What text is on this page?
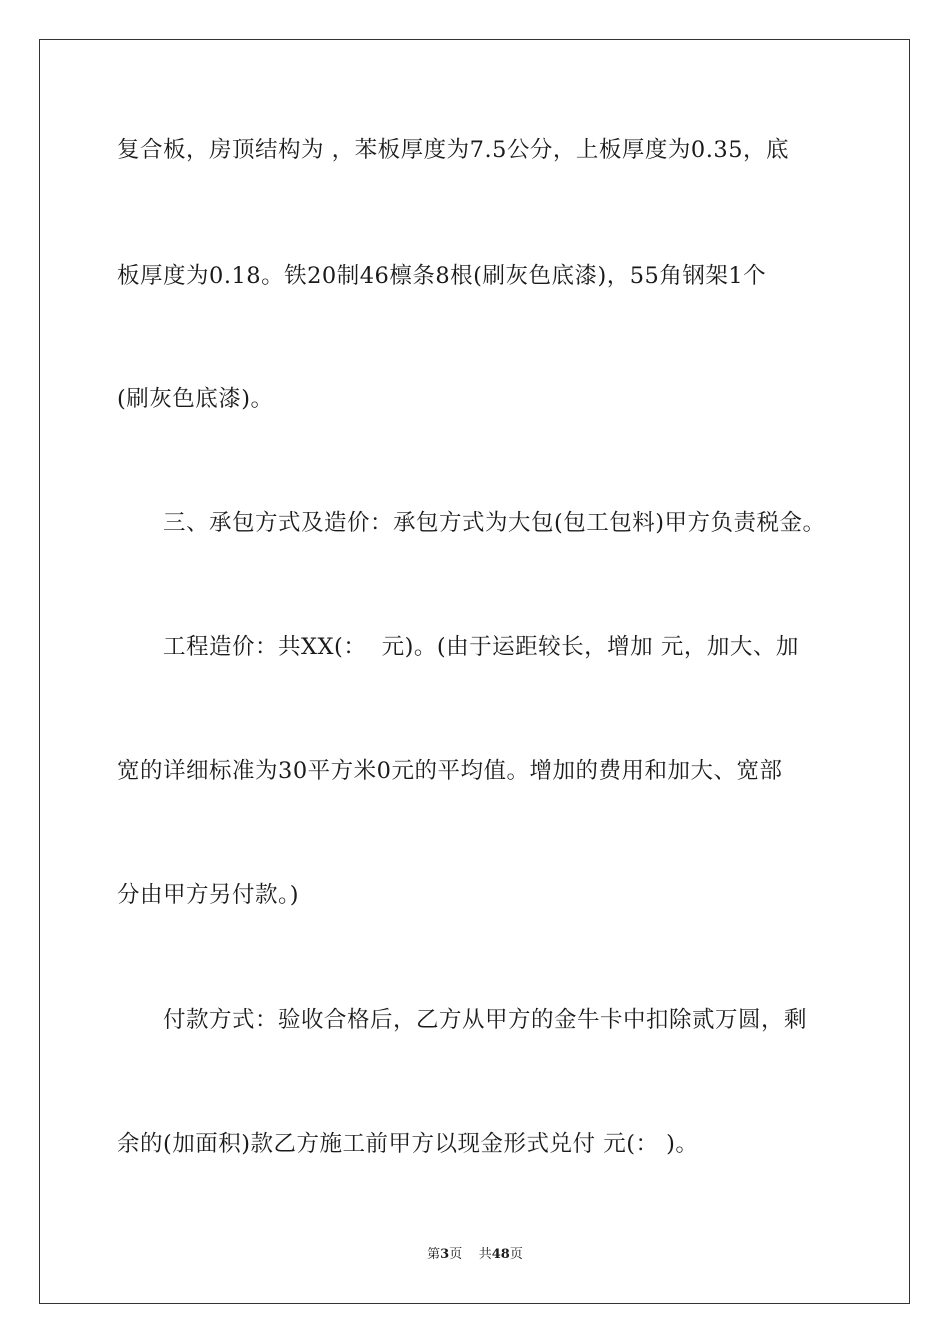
复合板，房顶结构为 ，苯板厚度为7.5公分，上板厚度为0.35，底
板厚度为0.18。铁20制46檩条8根(刷灰色底漆)，55角钢架1个
(刷灰色底漆)。
三、承包方式及造价：承包方式为大包(包工包料)甲方负责税金。
工程造价：共XX(：  元)。(由于运距较长，增加 元，加大、加
宽的详细标准为30平方米0元的平均值。增加的费用和加大、宽部
分由甲方另付款。)
付款方式：验收合格后，乙方从甲方的金牛卡中扣除贰万圆，剩
余的(加面积)款乙方施工前甲方以现金形式兑付 元(： )。
第3页 共48页
